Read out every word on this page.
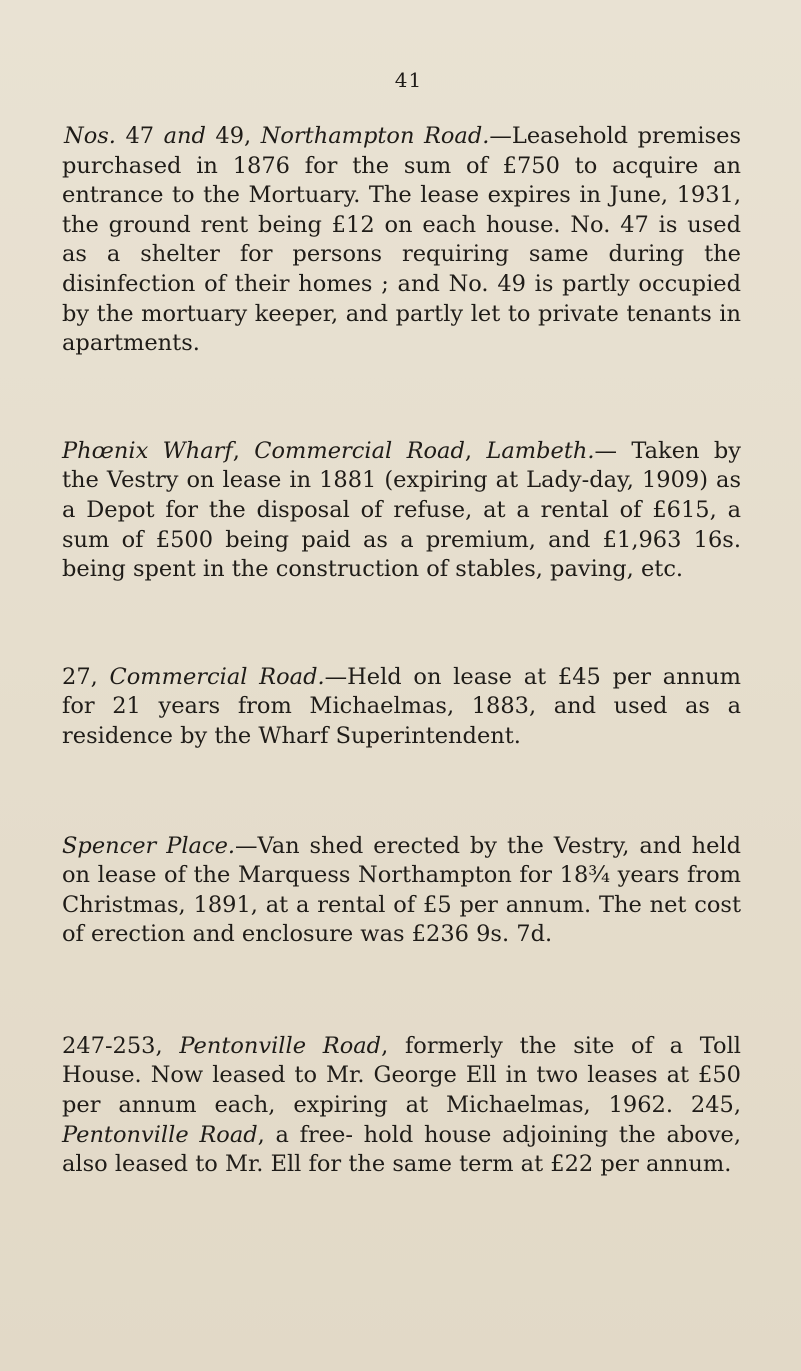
41

Nos. 47 and 49, Northampton Road.—Leasehold premises purchased in 1876 for the sum of £750 to acquire an entrance to the Mortuary. The lease expires in June, 1931, the ground rent being £12 on each house. No. 47 is used as a shelter for persons requiring same during the disinfection of their homes ; and No. 49 is partly occupied by the mortuary keeper, and partly let to private tenants in apartments.

Phœnix Wharf, Commercial Road, Lambeth.— Taken by the Vestry on lease in 1881 (expiring at Lady-day, 1909) as a Depot for the disposal of refuse, at a rental of £615, a sum of £500 being paid as a premium, and £1,963 16s. being spent in the construction of stables, paving, etc.

27, Commercial Road.—Held on lease at £45 per annum for 21 years from Michaelmas, 1883, and used as a residence by the Wharf Superintendent.

Spencer Place.—Van shed erected by the Vestry, and held on lease of the Marquess Northampton for 18¾ years from Christmas, 1891, at a rental of £5 per annum. The net cost of erection and enclosure was £236 9s. 7d.

247-253, Pentonville Road, formerly the site of a Toll House. Now leased to Mr. George Ell in two leases at £50 per annum each, expiring at Michaelmas, 1962. 245, Pentonville Road, a free- hold house adjoining the above, also leased to Mr. Ell for the same term at £22 per annum.
